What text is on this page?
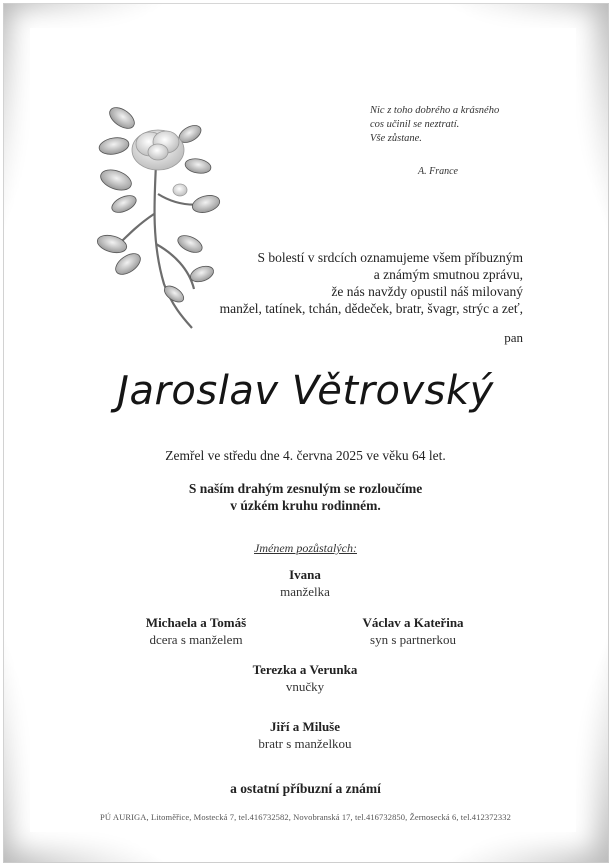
Nic z toho dobrého a krásného
cos učinil se neztratí.
Vše zůstane.
A. France
S bolestí v srdcích oznamujeme všem příbuzným
a známým smutnou zprávu,
že nás navždy opustil náš milovaný
manžel, tatínek, tchán, dědeček, bratr, švagr, strýc a zeť,
pan
Jaroslav Větrovský
Zemřel ve středu dne 4. června 2025 ve věku 64 let.
S naším drahým zesnulým se rozloučíme
v úzkém kruhu rodinném.
Jménem pozůstalých:
Ivana
manželka
Michaela a Tomáš
dcera s manželem
Václav a Kateřina
syn s partnerkou
Terezka a Verunka
vnučky
Jiří a Miluše
bratr s manželkou
a ostatní příbuzní a známí
PÚ AURIGA, Litoměřice, Mostecká 7, tel.416732582, Novobranská 17, tel.416732850, Žernosecká 6, tel.412372332
